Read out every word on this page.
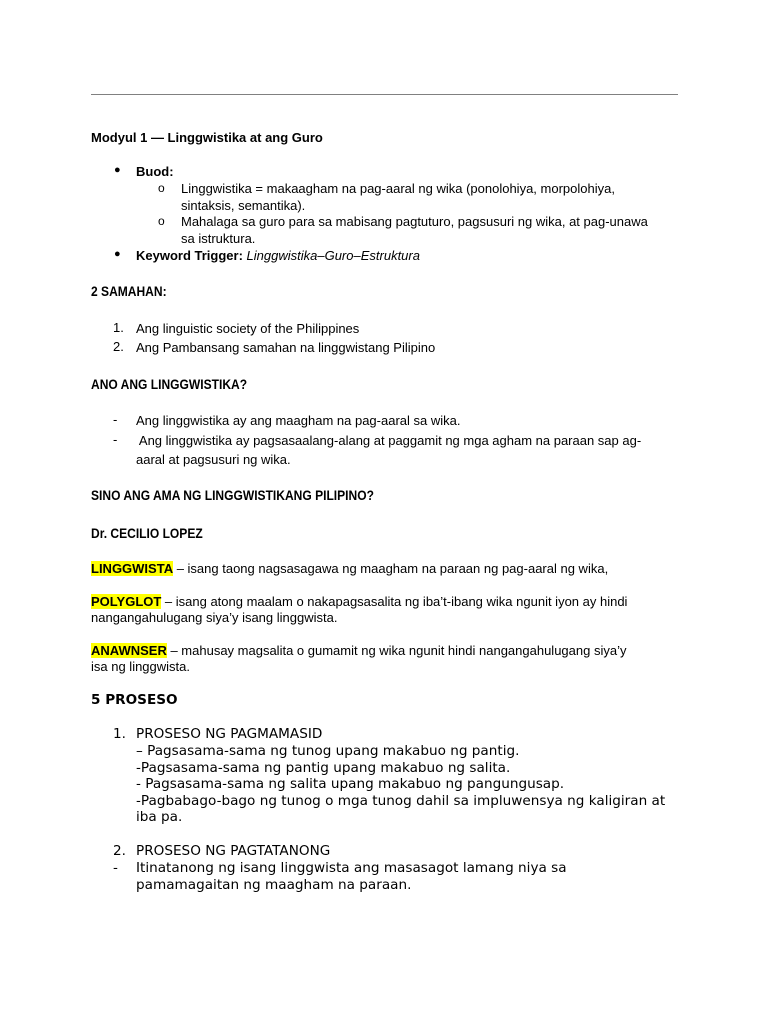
Modyul 1 — Linggwistika at ang Guro
● Buod:
o Linggwistika = makaagham na pag-aaral ng wika (ponolohiya, morpolohiya,
sintaksis, semantika).
o Mahalaga sa guro para sa mabisang pagtuturo, pagsusuri ng wika, at pag-unawa
sa istruktura.
● Keyword Trigger: Linggwistika–Guro–Estruktura
2 SAMAHAN:
1. Ang linguistic society of the Philippines
2. Ang Pambansang samahan na linggwistang Pilipino
ANO ANG LINGGWISTIKA?
- Ang linggwistika ay ang maagham na pag-aaral sa wika.
- Ang linggwistika ay pagsasaalang-alang at paggamit ng mga agham na paraan sap ag-
aaral at pagsusuri ng wika.
SINO ANG AMA NG LINGGWISTIKANG PILIPINO?
Dr. CECILIO LOPEZ
LINGGWISTA – isang taong nagsasagawa ng maagham na paraan ng pag-aaral ng wika,
POLYGLOT – isang atong maalam o nakapagsasalita ng iba’t-ibang wika ngunit iyon ay hindi
nangangahulugang siya’y isang linggwista.
ANAWNSER – mahusay magsalita o gumamit ng wika ngunit hindi nangangahulugang siya’y
isa ng linggwista.
5 PROSESO
1. PROSESO NG PAGMAMASID
– Pagsasama-sama ng tunog upang makabuo ng pantig.
-Pagsasama-sama ng pantig upang makabuo ng salita.
- Pagsasama-sama ng salita upang makabuo ng pangungusap.
-Pagbabago-bago ng tunog o mga tunog dahil sa impluwensya ng kaligiran at
iba pa.
2. PROSESO NG PAGTATANONG
- Itinatanong ng isang linggwista ang masasagot lamang niya sa
pamamagaitan ng maagham na paraan.
